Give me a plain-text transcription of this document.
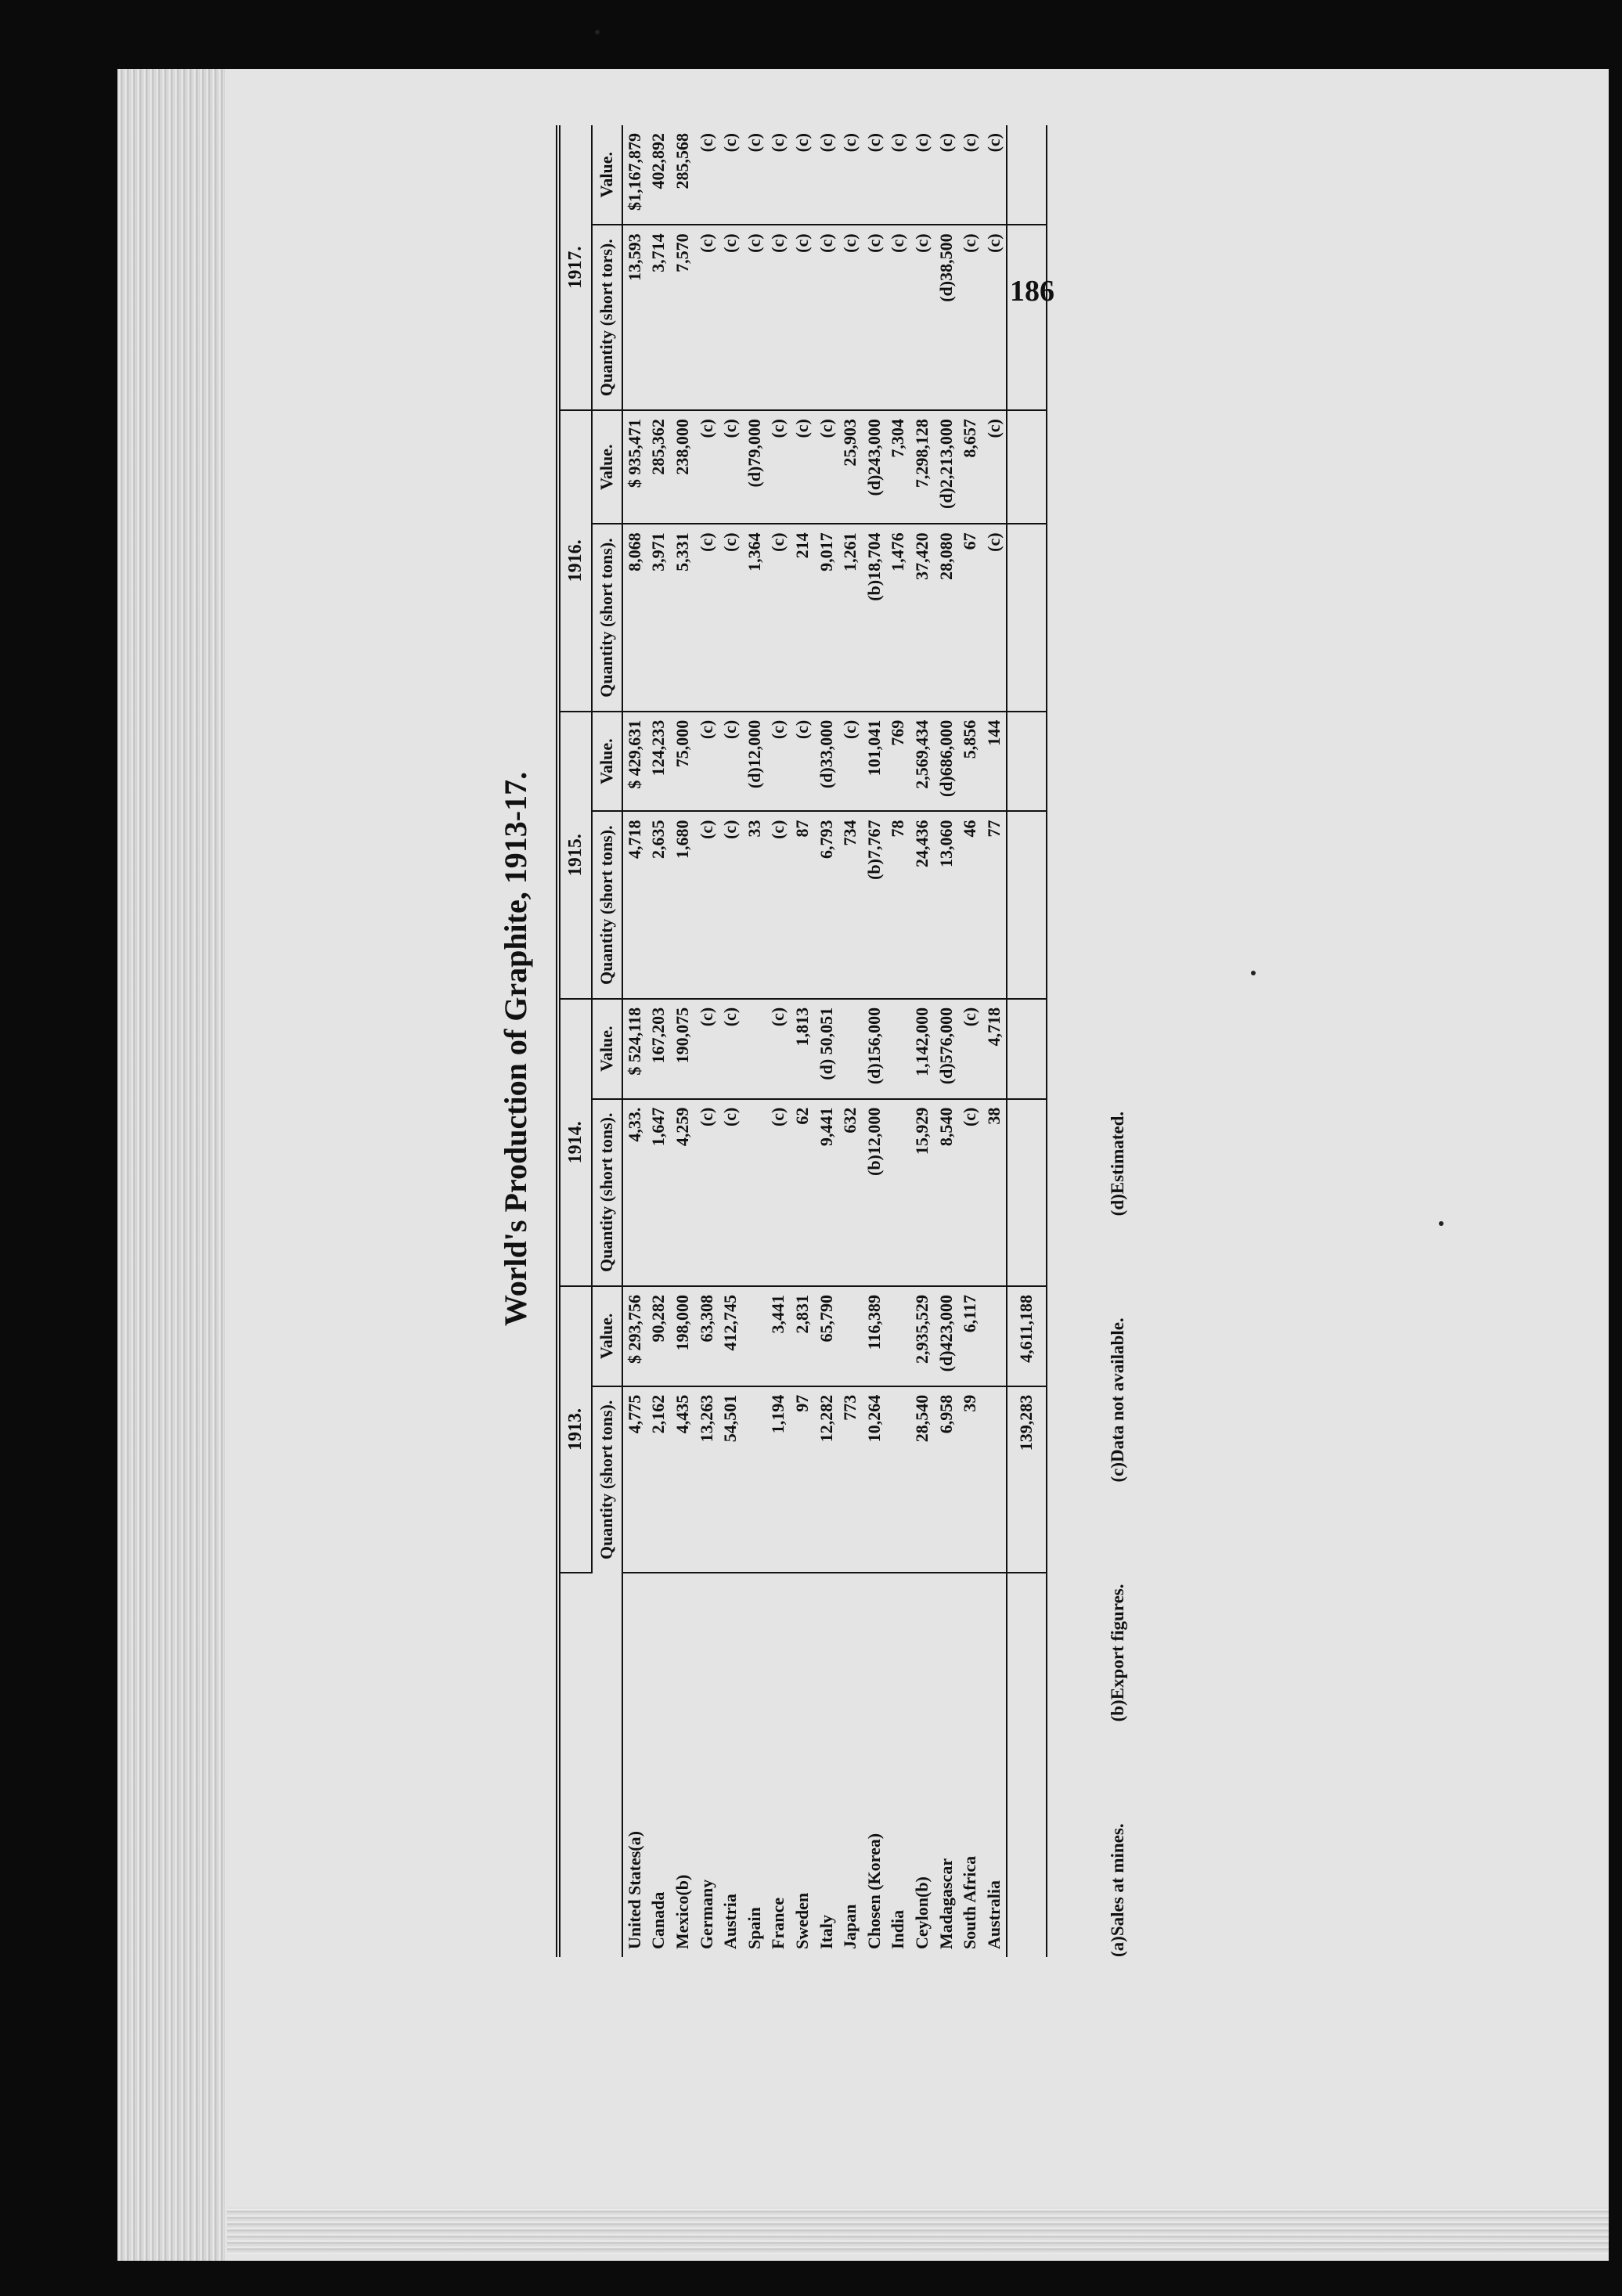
186
World's Production of Graphite, 1913-17.
	1913.		1914.		1915.		1916.		1917.	
	Quantity (short tons).	Value.	Quantity (short tons).	Value.	Quantity (short tons).	Value.	Quantity (short tons).	Value.	Quantity (short tors).	Value.
United States(a)	4,775	$ 293,756	4,33.	$ 524,118	4,718	$ 429,631	8,068	$ 935,471	13,593	$1,167,879
Canada	2,162	90,282	1,647	167,203	2,635	124,233	3,971	285,362	3,714	402,892
Mexico(b)	4,435	198,000	4,259	190,075	1,680	75,000	5,331	238,000	7,570	285,568
Germany	13,263	63,308	(c)	(c)	(c)	(c)	(c)	(c)	(c)	(c)
Austria	54,501	412,745	(c)	(c)	(c)	(c)	(c)	(c)	(c)	(c)
Spain					33	(d)12,000	1,364	(d)79,000	(c)	(c)
France	1,194	3,441	(c)	(c)	(c)	(c)	(c)	(c)	(c)	(c)
Sweden	97	2,831	62	1,813	87	(c)	214	(c)	(c)	(c)
Italy	12,282	65,790	9,441	(d) 50,051	6,793	(d)33,000	9,017	(c)	(c)	(c)
Japan	773		632		734	(c)	1,261	25,903	(c)	(c)
Chosen (Korea)	10,264	116,389	(b)12,000	(d)156,000	(b)7,767	101,041	(b)18,704	(d)243,000	(c)	(c)
India					78	769	1,476	7,304	(c)	(c)
Ceylon(b)	28,540	2,935,529	15,929	1,142,000	24,436	2,569,434	37,420	7,298,128	(c)	(c)
Madagascar	6,958	(d)423,000	8,540	(d)576,000	13,060	(d)686,000	28,080	(d)2,213,000	(d)38,500	(c)
South Africa	39	6,117	(c)	(c)	46	5,856	67	8,657	(c)	(c)
Australia			38	4,718	77	144	(c)	(c)	(c)	(c)
	139,283	4,611,188								
(a)Sales at mines.
(b)Export figures.
(c)Data not available.
(d)Estimated.
